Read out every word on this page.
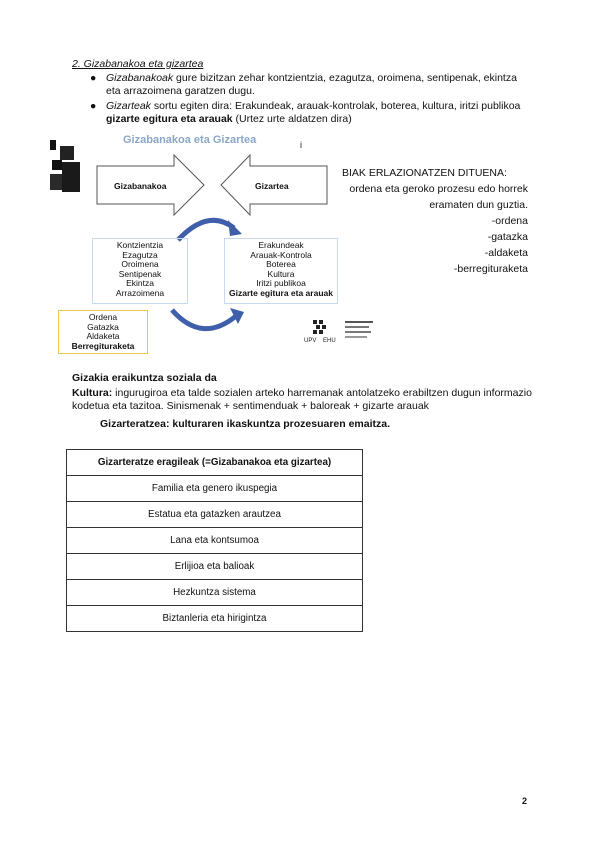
2. Gizabanakoa eta gizartea
● Gizabanakoak gure bizitzan zehar kontzientzia, ezagutza, oroimena, sentipenak, ekintza eta arrazoimena garatzen dugu.
● Gizarteak sortu egiten dira: Erakundeak, arauak-kontrolak, boterea, kultura, iritzi publikoa gizarte egitura eta arauak (Urtez urte aldatzen dira)
Gizabanakoa eta Gizartea	i
Gizabanakoa	Gizartea
Kontzientzia
Ezagutza
Oroimena
Sentipenak
Ekintza
Arrazoimena
Erakundeak
Arauak-Kontrola
Boterea
Kultura
Iritzi publikoa
Gizarte egitura eta arauak
Ordena
Gatazka
Aldaketa
Berregituraketa	UPV EHU
BIAK ERLAZIONATZEN DITUENA:
ordena eta geroko prozesu edo horrek
eramaten dun guztia.
-ordena
-gatazka
-aldaketa
-berregituraketa
Gizakia eraikuntza soziala da
Kultura: ingurugiroa eta talde sozialen arteko harremanak antolatzeko erabiltzen dugun informazio kodetua eta tazitoa. Sinismenak + sentimenduak + baloreak + gizarte arauak
Gizarteratzea: kulturaren ikaskuntza prozesuaren emaitza.
Gizarteratze eragileak (=Gizabanakoa eta gizartea)
Familia eta genero ikuspegia
Estatua eta gatazken arautzea
Lana eta kontsumoa
Erlijioa eta balioak
Hezkuntza sistema
Biztanleria eta hirigintza
2
